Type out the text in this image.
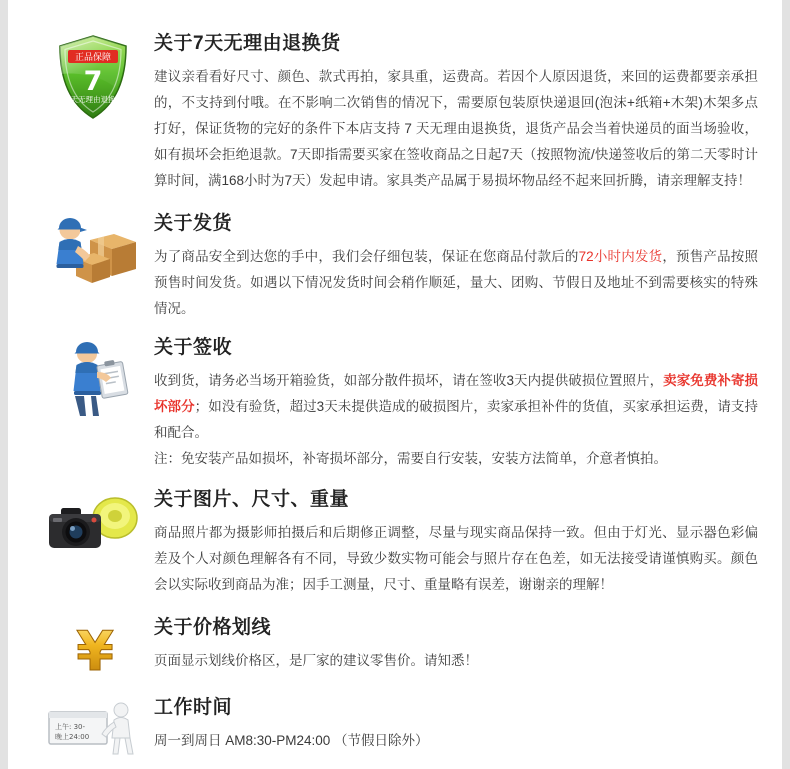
正品保障
7
天无理由退换
关于7天无理由退换货

建议亲看看好尺寸、颜色、款式再拍，家具重，运费高。若因个人原因退货，来回的运费都要亲承担的，不支持到付哦。在不影响二次销售的情况下，需要原包装原快递退回(泡沫+纸箱+木架)木架多点打好，保证货物的完好的条件下本店支持 7 天无理由退换货，退货产品会当着快递员的面当场验收，如有损坏会拒绝退款。7天即指需要买家在签收商品之日起7天（按照物流/快递签收后的第二天零时计算时间，满168小时为7天）发起申请。家具类产品属于易损坏物品经不起来回折腾，请亲理解支持！

关于发货

为了商品安全到达您的手中，我们会仔细包装，保证在您商品付款后的72小时内发货，预售产品按照预售时间发货。如遇以下情况发货时间会稍作顺延，量大、团购、节假日及地址不到需要核实的特殊情况。

关于签收

收到货，请务必当场开箱验货，如部分散件损坏，请在签收3天内提供破损位置照片，卖家免费补寄损坏部分；如没有验货，超过3天未提供造成的破损图片，卖家承担补件的货值，买家承担运费，请支持和配合。

注：免安装产品如损坏，补寄损坏部分，需要自行安装，安装方法简单，介意者慎拍。

关于图片、尺寸、重量

商品照片都为摄影师拍摄后和后期修正调整，尽量与现实商品保持一致。但由于灯光、显示器色彩偏差及个人对颜色理解各有不同，导致少数实物可能会与照片存在色差，如无法接受请谨慎购买。颜色会以实际收到商品为准；因手工测量，尺寸、重量略有误差，谢谢亲的理解！

¥ 关于价格划线

页面显示划线价格区，是厂家的建议零售价。请知悉！

上午: 30-
晚上24:00
工作时间

周一到周日 AM8:30-PM24:00 （节假日除外）
